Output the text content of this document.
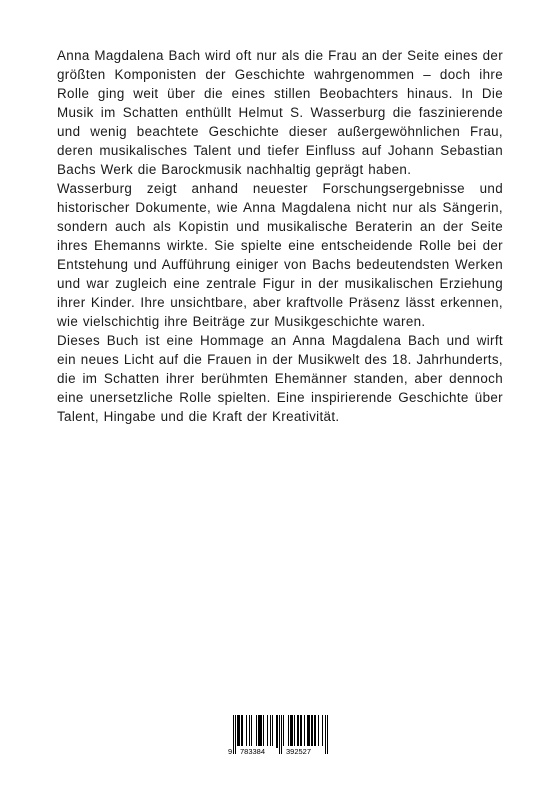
Anna Magdalena Bach wird oft nur als die Frau an der Seite eines der größten Komponisten der Geschichte wahrgenommen – doch ihre Rolle ging weit über die eines stillen Beobachters hinaus. In Die Musik im Schatten enthüllt Helmut S. Wasserburg die faszinierende und wenig beachtete Geschichte dieser außergewöhnlichen Frau, deren musikalisches Talent und tiefer Einfluss auf Johann Sebastian Bachs Werk die Barockmusik nachhaltig geprägt haben.

Wasserburg zeigt anhand neuester Forschungsergebnisse und historischer Dokumente, wie Anna Magdalena nicht nur als Sängerin, sondern auch als Kopistin und musikalische Beraterin an der Seite ihres Ehemanns wirkte. Sie spielte eine entscheidende Rolle bei der Entstehung und Aufführung einiger von Bachs bedeutendsten Werken und war zugleich eine zentrale Figur in der musikalischen Erziehung ihrer Kinder. Ihre unsichtbare, aber kraftvolle Präsenz lässt erkennen, wie vielschichtig ihre Beiträge zur Musikgeschichte waren.

Dieses Buch ist eine Hommage an Anna Magdalena Bach und wirft ein neues Licht auf die Frauen in der Musikwelt des 18. Jahrhunderts, die im Schatten ihrer berühmten Ehemänner standen, aber dennoch eine unersetzliche Rolle spielten. Eine inspirierende Geschichte über Talent, Hingabe und die Kraft der Kreativität.

9 783384	392527
